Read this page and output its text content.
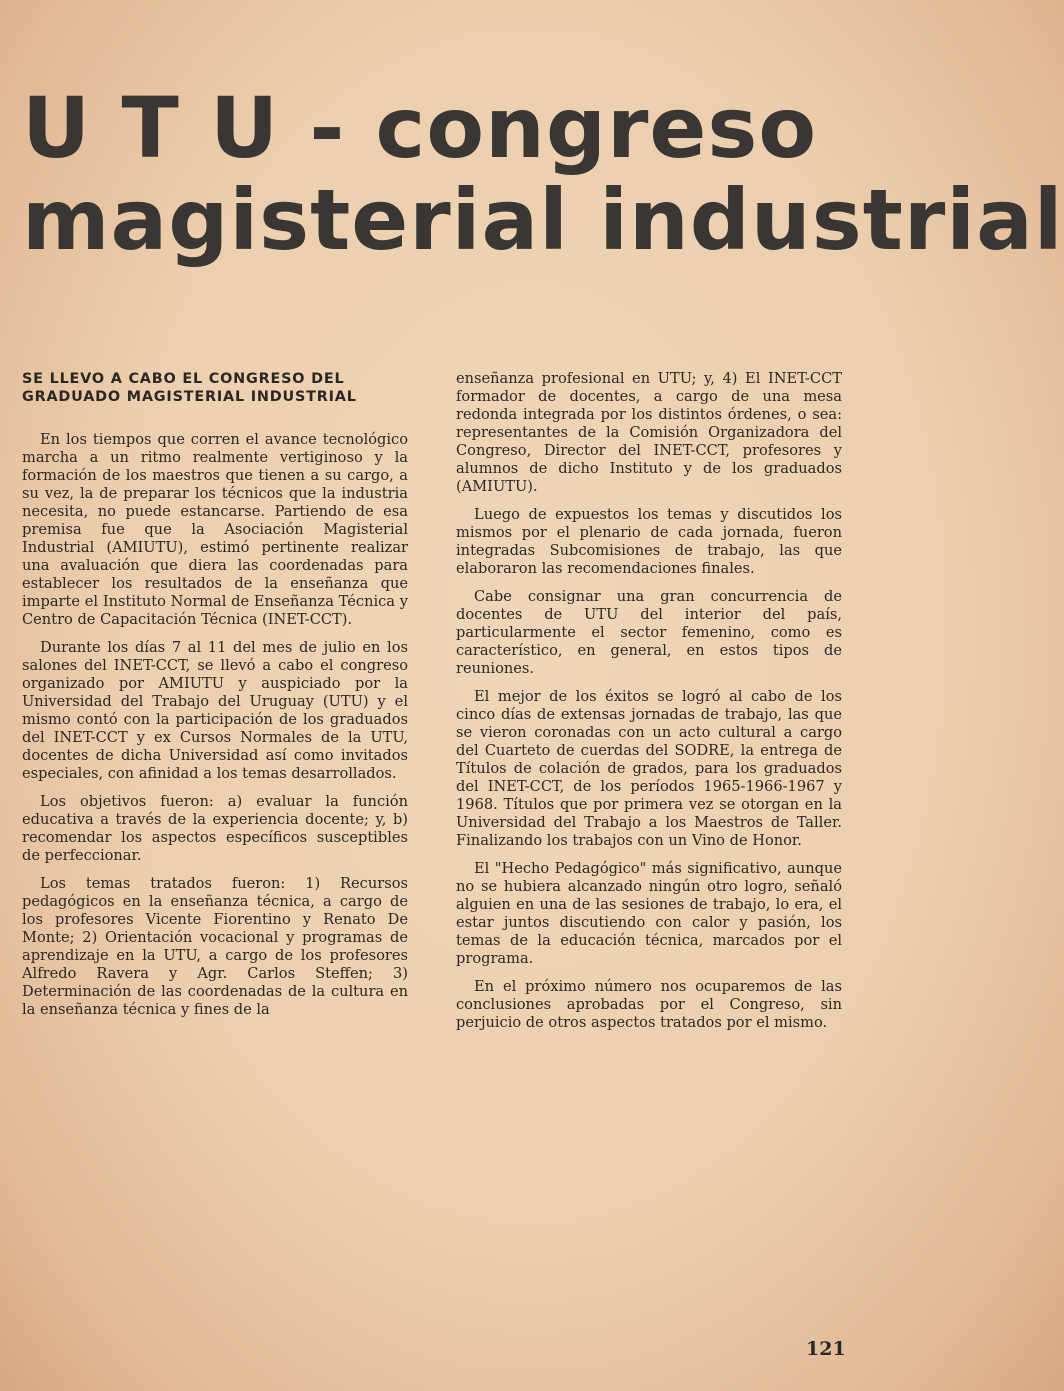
U T U - congreso
magisterial industrial
SE LLEVO A CABO EL CONGRESO DEL GRADUADO MAGISTERIAL INDUSTRIAL

En los tiempos que corren el avance tecnológico marcha a un ritmo realmente vertiginoso y la formación de los maestros que tienen a su cargo, a su vez, la de preparar los técnicos que la industria necesita, no puede estancarse. Partiendo de esa premisa fue que la Asociación Magisterial Industrial (AMIUTU), estimó pertinente realizar una avaluación que diera las coordenadas para establecer los resultados de la enseñanza que imparte el Instituto Normal de Enseñanza Técnica y Centro de Capacitación Técnica (INET-CCT).

Durante los días 7 al 11 del mes de julio en los salones del INET-CCT, se llevó a cabo el congreso organizado por AMIUTU y auspiciado por la Universidad del Trabajo del Uruguay (UTU) y el mismo contó con la participación de los graduados del INET-CCT y ex Cursos Normales de la UTU, docentes de dicha Universidad así como invitados especiales, con afinidad a los temas desarrollados.

Los objetivos fueron: a) evaluar la función educativa a través de la experiencia docente; y, b) recomendar los aspectos específicos susceptibles de perfeccionar.

Los temas tratados fueron: 1) Recursos pedagógicos en la enseñanza técnica, a cargo de los profesores Vicente Fiorentino y Renato De Monte; 2) Orientación vocacional y programas de aprendizaje en la UTU, a cargo de los profesores Alfredo Ravera y Agr. Carlos Steffen; 3) Determinación de las coordenadas de la cultura en la enseñanza técnica y fines de la

enseñanza profesional en UTU; y, 4) El INET-CCT formador de docentes, a cargo de una mesa redonda integrada por los distintos órdenes, o sea: representantes de la Comisión Organizadora del Congreso, Director del INET-CCT, profesores y alumnos de dicho Instituto y de los graduados (AMIUTU).

Luego de expuestos los temas y discutidos los mismos por el plenario de cada jornada, fueron integradas Subcomisiones de trabajo, las que elaboraron las recomendaciones finales.

Cabe consignar una gran concurrencia de docentes de UTU del interior del país, particularmente el sector femenino, como es característico, en general, en estos tipos de reuniones.

El mejor de los éxitos se logró al cabo de los cinco días de extensas jornadas de trabajo, las que se vieron coronadas con un acto cultural a cargo del Cuarteto de cuerdas del SODRE, la entrega de Títulos de colación de grados, para los graduados del INET-CCT, de los períodos 1965-1966-1967 y 1968. Títulos que por primera vez se otorgan en la Universidad del Trabajo a los Maestros de Taller. Finalizando los trabajos con un Vino de Honor.

El "Hecho Pedagógico" más significativo, aunque no se hubiera alcanzado ningún otro logro, señaló alguien en una de las sesiones de trabajo, lo era, el estar juntos discutiendo con calor y pasión, los temas de la educación técnica, marcados por el programa.

En el próximo número nos ocuparemos de las conclusiones aprobadas por el Congreso, sin perjuicio de otros aspectos tratados por el mismo.

121
